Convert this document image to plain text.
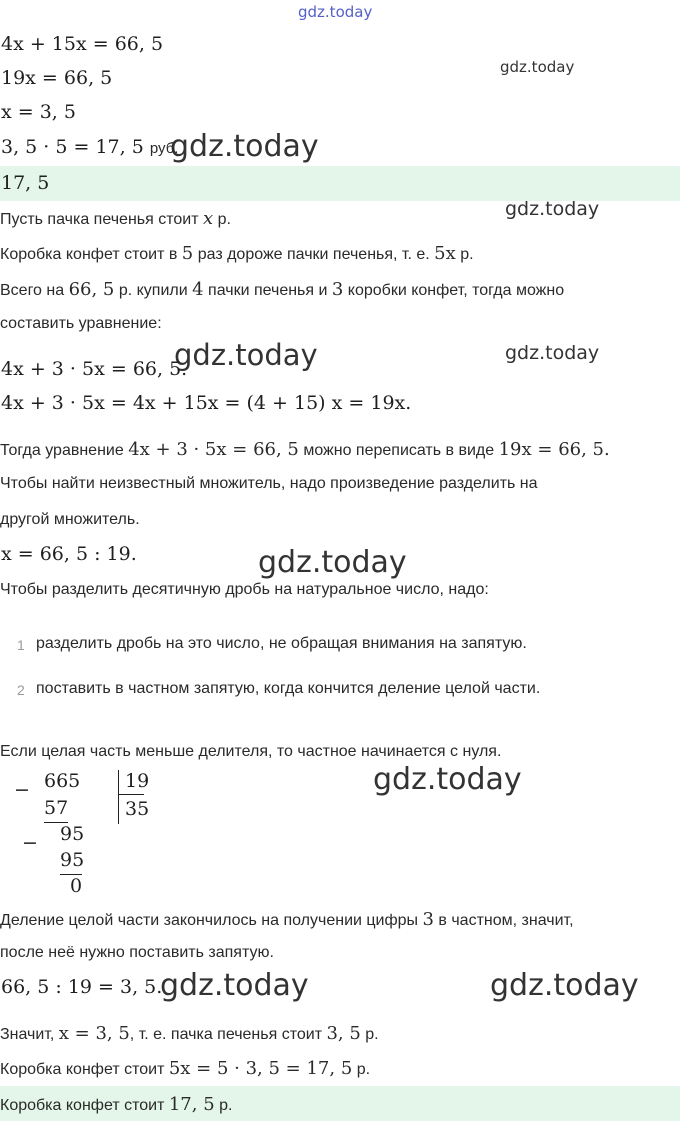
gdz.today
gdz.today
gdz.today
gdz.today
gdz.today	gdz.today
gdz.today
gdz.today
gdz.today	gdz.today
4x + 15x = 66, 5
19x = 66, 5
x = 3, 5
3, 5 · 5 = 17, 5 руб.
17, 5
Пусть пачка печенья стоит x р.
Коробка конфет стоит в 5 раз дороже пачки печенья, т. е. 5x р.
Всего на 66, 5 р. купили 4 пачки печенья и 3 коробки конфет, тогда можно
составить уравнение:
4x + 3 · 5x = 66, 5.
4x + 3 · 5x = 4x + 15x = (4 + 15) x = 19x.
Тогда уравнение 4x + 3 · 5x = 66, 5 можно переписать в виде 19x = 66, 5.
Чтобы найти неизвестный множитель, надо произведение разделить на
другой множитель.
x = 66, 5 : 19.
Чтобы разделить десятичную дробь на натуральное число, надо:
1 разделить дробь на это число, не обращая внимания на запятую.
2 поставить в частном запятую, когда кончится деление целой части.
Если целая часть меньше делителя, то частное начинается с нуля.
− 665
57
19
35
95
−
95
0
Деление целой части закончилось на получении цифры 3 в частном, значит,
после неё нужно поставить запятую.
66, 5 : 19 = 3, 5.
Значит, x = 3, 5, т. е. пачка печенья стоит 3, 5 р.
Коробка конфет стоит 5x = 5 · 3, 5 = 17, 5 р.
Коробка конфет стоит 17, 5 р.
